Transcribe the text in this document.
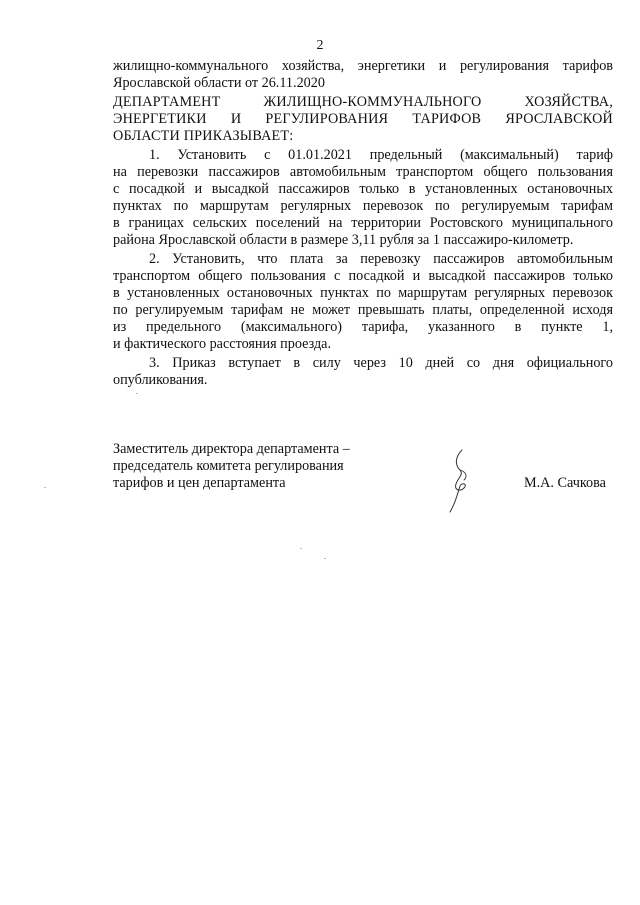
2
жилищно-коммунального хозяйства, энергетики и регулирования тарифов
Ярославской области от 26.11.2020
ДЕПАРТАМЕНТ ЖИЛИЩНО-КОММУНАЛЬНОГО ХОЗЯЙСТВА,
ЭНЕРГЕТИКИ И РЕГУЛИРОВАНИЯ ТАРИФОВ ЯРОСЛАВСКОЙ
ОБЛАСТИ ПРИКАЗЫВАЕТ:
1. Установить с 01.01.2021 предельный (максимальный) тариф
на перевозки пассажиров автомобильным транспортом общего пользования
с посадкой и высадкой пассажиров только в установленных остановочных
пунктах по маршрутам регулярных перевозок по регулируемым тарифам
в границах сельских поселений на территории Ростовского муниципального
района Ярославской области в размере 3,11 рубля за 1 пассажиро-километр.
2. Установить, что плата за перевозку пассажиров автомобильным
транспортом общего пользования с посадкой и высадкой пассажиров только
в установленных остановочных пунктах по маршрутам регулярных перевозок
по регулируемым тарифам не может превышать платы, определенной исходя
из предельного (максимального) тарифа, указанного в пункте 1,
и фактического расстояния проезда.
3. Приказ вступает в силу через 10 дней со дня официального
опубликования.
Заместитель директора департамента –
председатель комитета регулирования
тарифов и цен департамента	М.А. Сачкова
